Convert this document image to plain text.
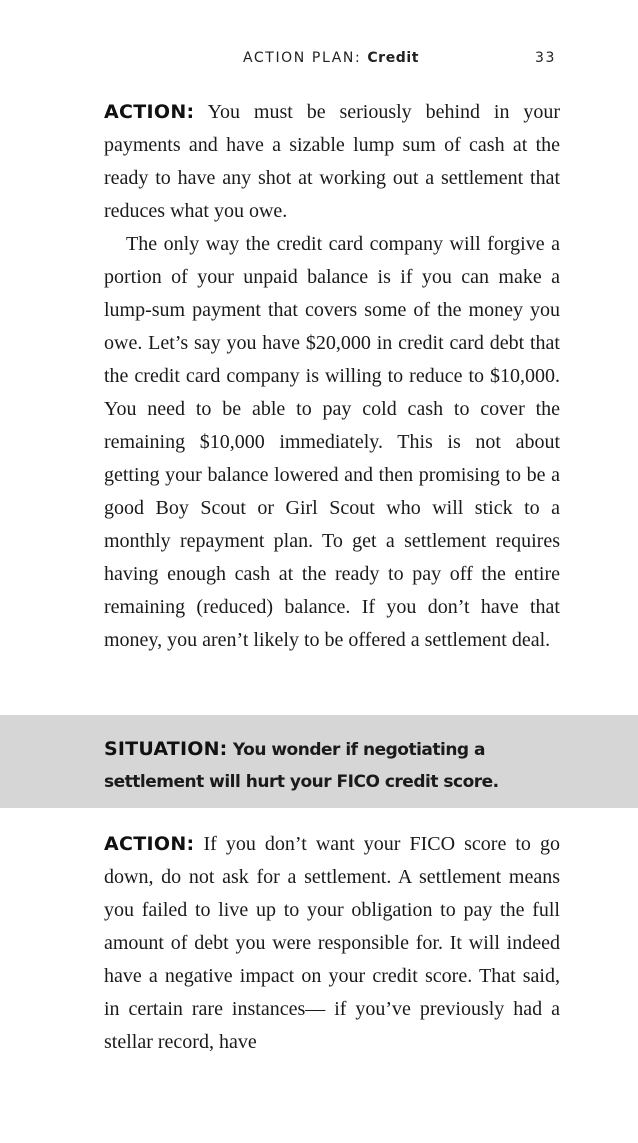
ACTION PLAN: Credit	33

ACTION: You must be seriously behind in your payments and have a sizable lump sum of cash at the ready to have any shot at working out a settlement that reduces what you owe.

The only way the credit card company will forgive a portion of your unpaid balance is if you can make a lump-sum payment that covers some of the money you owe. Let’s say you have $20,000 in credit card debt that the credit card company is willing to reduce to $10,000. You need to be able to pay cold cash to cover the remaining $10,000 immediately. This is not about getting your balance lowered and then promising to be a good Boy Scout or Girl Scout who will stick to a monthly repayment plan. To get a settlement requires having enough cash at the ready to pay off the entire remaining (reduced) balance. If you don’t have that money, you aren’t likely to be offered a settlement deal.

SITUATION: You wonder if negotiating a settlement will hurt your FICO credit score.

ACTION: If you don’t want your FICO score to go down, do not ask for a settlement. A settlement means you failed to live up to your obligation to pay the full amount of debt you were responsible for. It will indeed have a negative impact on your credit score. That said, in certain rare instances— if you’ve previously had a stellar record, have
